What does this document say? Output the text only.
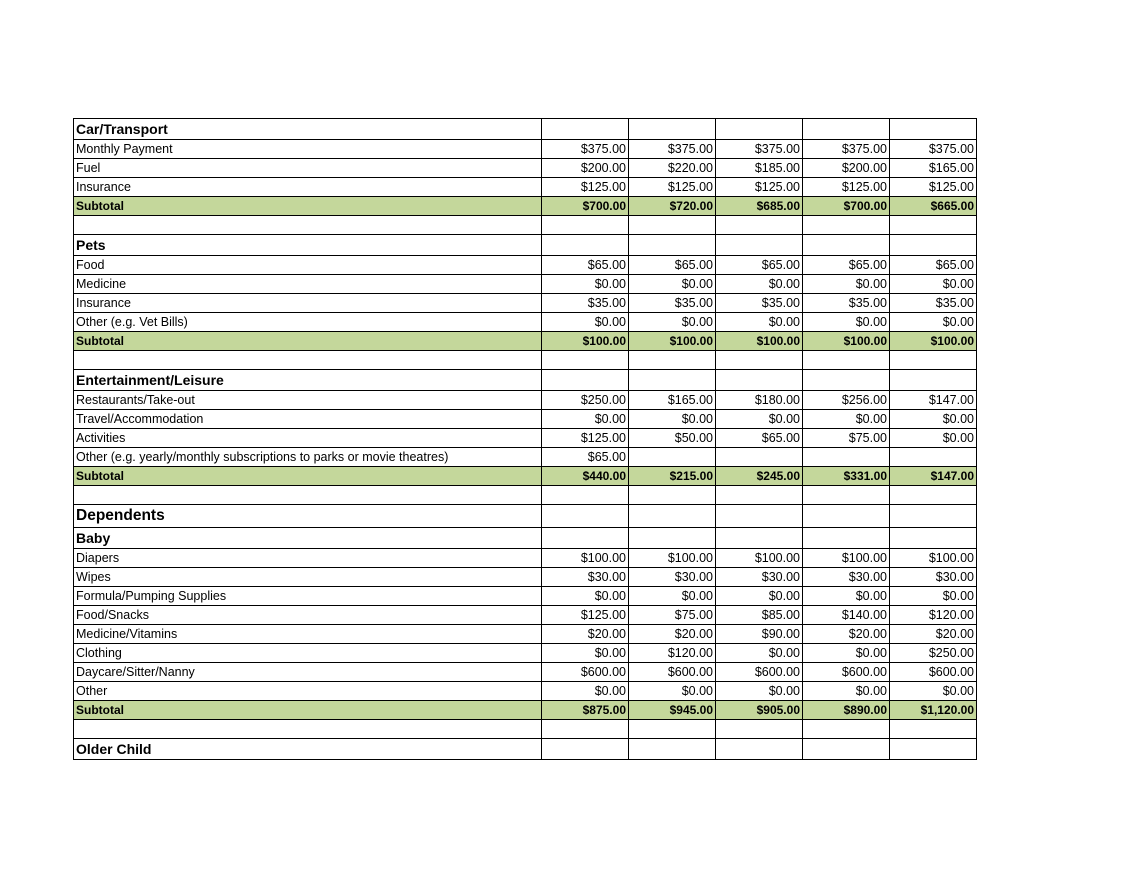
Car/Transport					
Monthly Payment	$375.00	$375.00	$375.00	$375.00	$375.00
Fuel	$200.00	$220.00	$185.00	$200.00	$165.00
Insurance	$125.00	$125.00	$125.00	$125.00	$125.00
Subtotal	$700.00	$720.00	$685.00	$700.00	$665.00

Pets					
Food	$65.00	$65.00	$65.00	$65.00	$65.00
Medicine	$0.00	$0.00	$0.00	$0.00	$0.00
Insurance	$35.00	$35.00	$35.00	$35.00	$35.00
Other (e.g. Vet Bills)	$0.00	$0.00	$0.00	$0.00	$0.00
Subtotal	$100.00	$100.00	$100.00	$100.00	$100.00

Entertainment/Leisure					
Restaurants/Take-out	$250.00	$165.00	$180.00	$256.00	$147.00
Travel/Accommodation	$0.00	$0.00	$0.00	$0.00	$0.00
Activities	$125.00	$50.00	$65.00	$75.00	$0.00
Other (e.g. yearly/monthly subscriptions to parks or movie theatres)	$65.00				
Subtotal	$440.00	$215.00	$245.00	$331.00	$147.00

Dependents					
Baby					
Diapers	$100.00	$100.00	$100.00	$100.00	$100.00
Wipes	$30.00	$30.00	$30.00	$30.00	$30.00
Formula/Pumping Supplies	$0.00	$0.00	$0.00	$0.00	$0.00
Food/Snacks	$125.00	$75.00	$85.00	$140.00	$120.00
Medicine/Vitamins	$20.00	$20.00	$90.00	$20.00	$20.00
Clothing	$0.00	$120.00	$0.00	$0.00	$250.00
Daycare/Sitter/Nanny	$600.00	$600.00	$600.00	$600.00	$600.00
Other	$0.00	$0.00	$0.00	$0.00	$0.00
Subtotal	$875.00	$945.00	$905.00	$890.00	$1,120.00

Older Child					
